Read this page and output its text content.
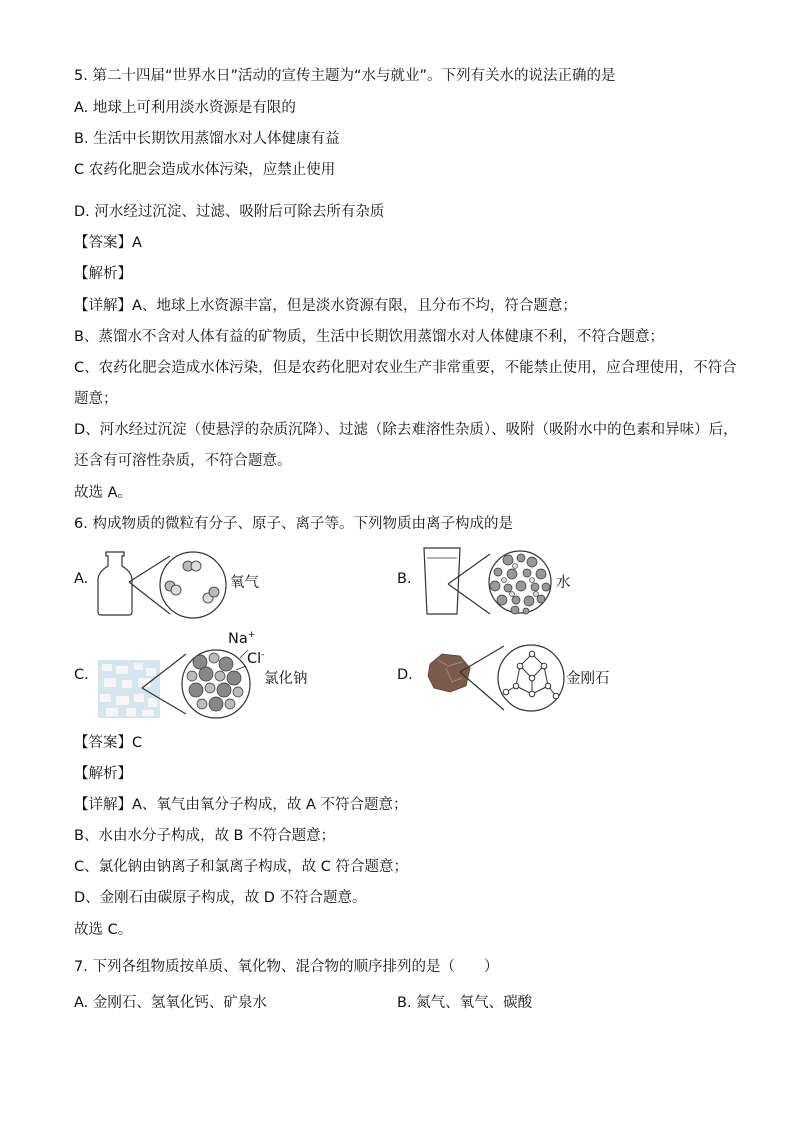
5. 第二十四届“世界水日”活动的宣传主题为“水与就业”。下列有关水的说法正确的是
A. 地球上可利用淡水资源是有限的
B. 生活中长期饮用蒸馏水对人体健康有益
C 农药化肥会造成水体污染，应禁止使用
D. 河水经过沉淀、过滤、吸附后可除去所有杂质
【答案】A
【解析】
【详解】A、地球上水资源丰富，但是淡水资源有限，且分布不均，符合题意；
B、蒸馏水不含对人体有益的矿物质，生活中长期饮用蒸馏水对人体健康不利，不符合题意；
C、农药化肥会造成水体污染，但是农药化肥对农业生产非常重要，不能禁止使用，应合理使用，不符合
题意；
D、河水经过沉淀（使悬浮的杂质沉降）、过滤（除去难溶性杂质）、吸附（吸附水中的色素和异味）后，
还含有可溶性杂质，不符合题意。
故选 A。
6. 构成物质的微粒有分子、原子、离子等。下列物质由离子构成的是
A.	氧气	B.	水
C.
Na+
Cl-
氯化钠	D.	金刚石
【答案】C
【解析】
【详解】A、氧气由氧分子构成，故 A 不符合题意；
B、水由水分子构成，故 B 不符合题意；
C、氯化钠由钠离子和氯离子构成，故 C 符合题意；
D、金刚石由碳原子构成，故 D 不符合题意。
故选 C。
7. 下列各组物质按单质、氧化物、混合物的顺序排列的是（　　）
A. 金刚石、氢氧化钙、矿泉水	B. 氮气、氧气、碳酸
